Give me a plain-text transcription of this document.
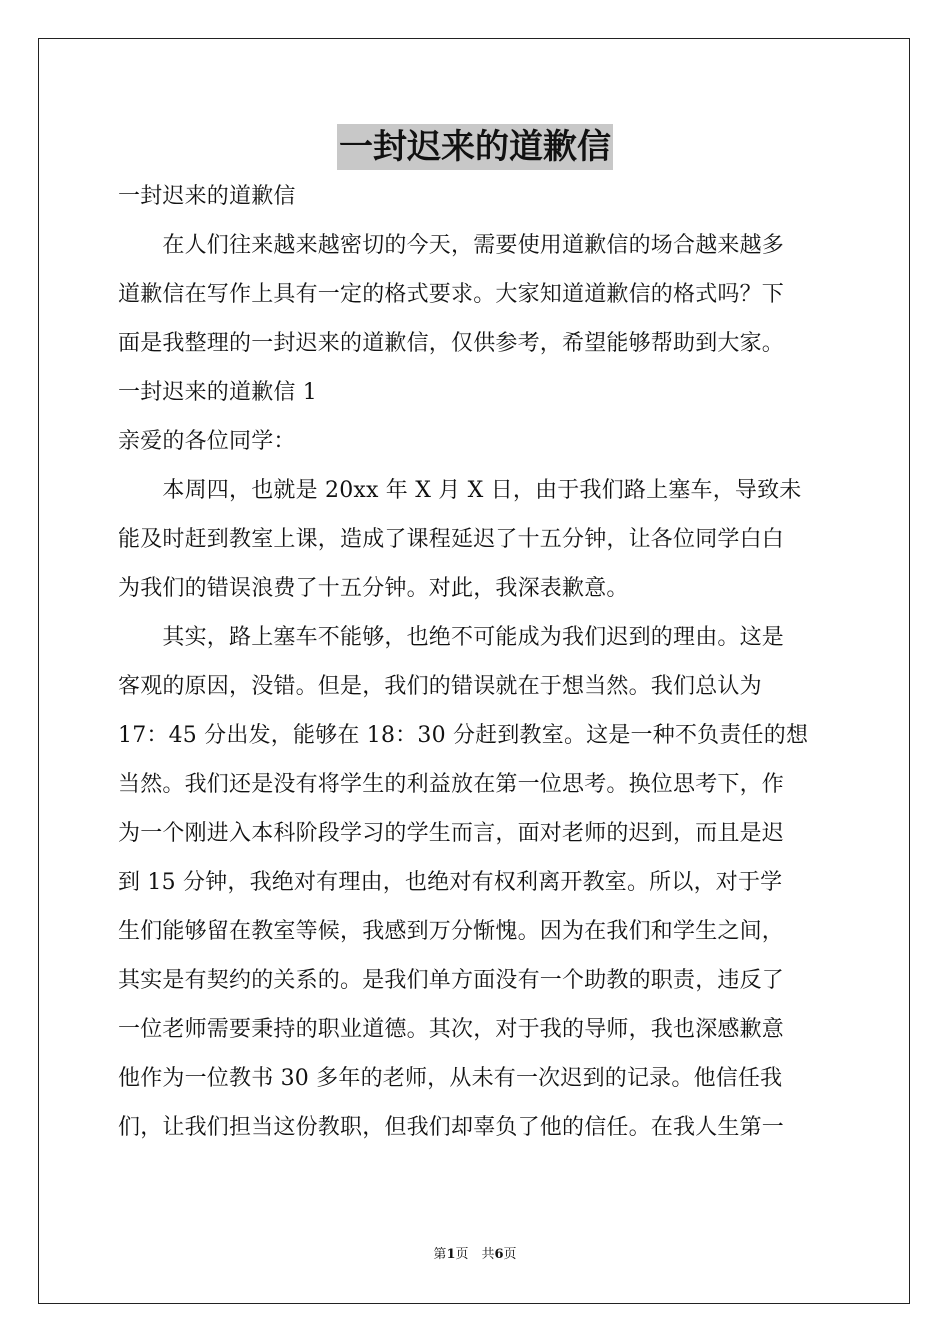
一封迟来的道歉信
一封迟来的道歉信
　　在人们往来越来越密切的今天，需要使用道歉信的场合越来越多
道歉信在写作上具有一定的格式要求。大家知道道歉信的格式吗？下
面是我整理的一封迟来的道歉信，仅供参考，希望能够帮助到大家。
一封迟来的道歉信 1
亲爱的各位同学：
　　本周四，也就是 20xx 年 X 月 X 日，由于我们路上塞车，导致未
能及时赶到教室上课，造成了课程延迟了十五分钟，让各位同学白白
为我们的错误浪费了十五分钟。对此，我深表歉意。
　　其实，路上塞车不能够，也绝不可能成为我们迟到的理由。这是
客观的原因，没错。但是，我们的错误就在于想当然。我们总认为
17：45 分出发，能够在 18：30 分赶到教室。这是一种不负责任的想
当然。我们还是没有将学生的利益放在第一位思考。换位思考下，作
为一个刚进入本科阶段学习的学生而言，面对老师的迟到，而且是迟
到 15 分钟，我绝对有理由，也绝对有权利离开教室。所以，对于学
生们能够留在教室等候，我感到万分惭愧。因为在我们和学生之间，
其实是有契约的关系的。是我们单方面没有一个助教的职责，违反了
一位老师需要秉持的职业道德。其次，对于我的导师，我也深感歉意
他作为一位教书 30 多年的老师，从未有一次迟到的记录。他信任我
们，让我们担当这份教职，但我们却辜负了他的信任。在我人生第一
第1页　共6页
